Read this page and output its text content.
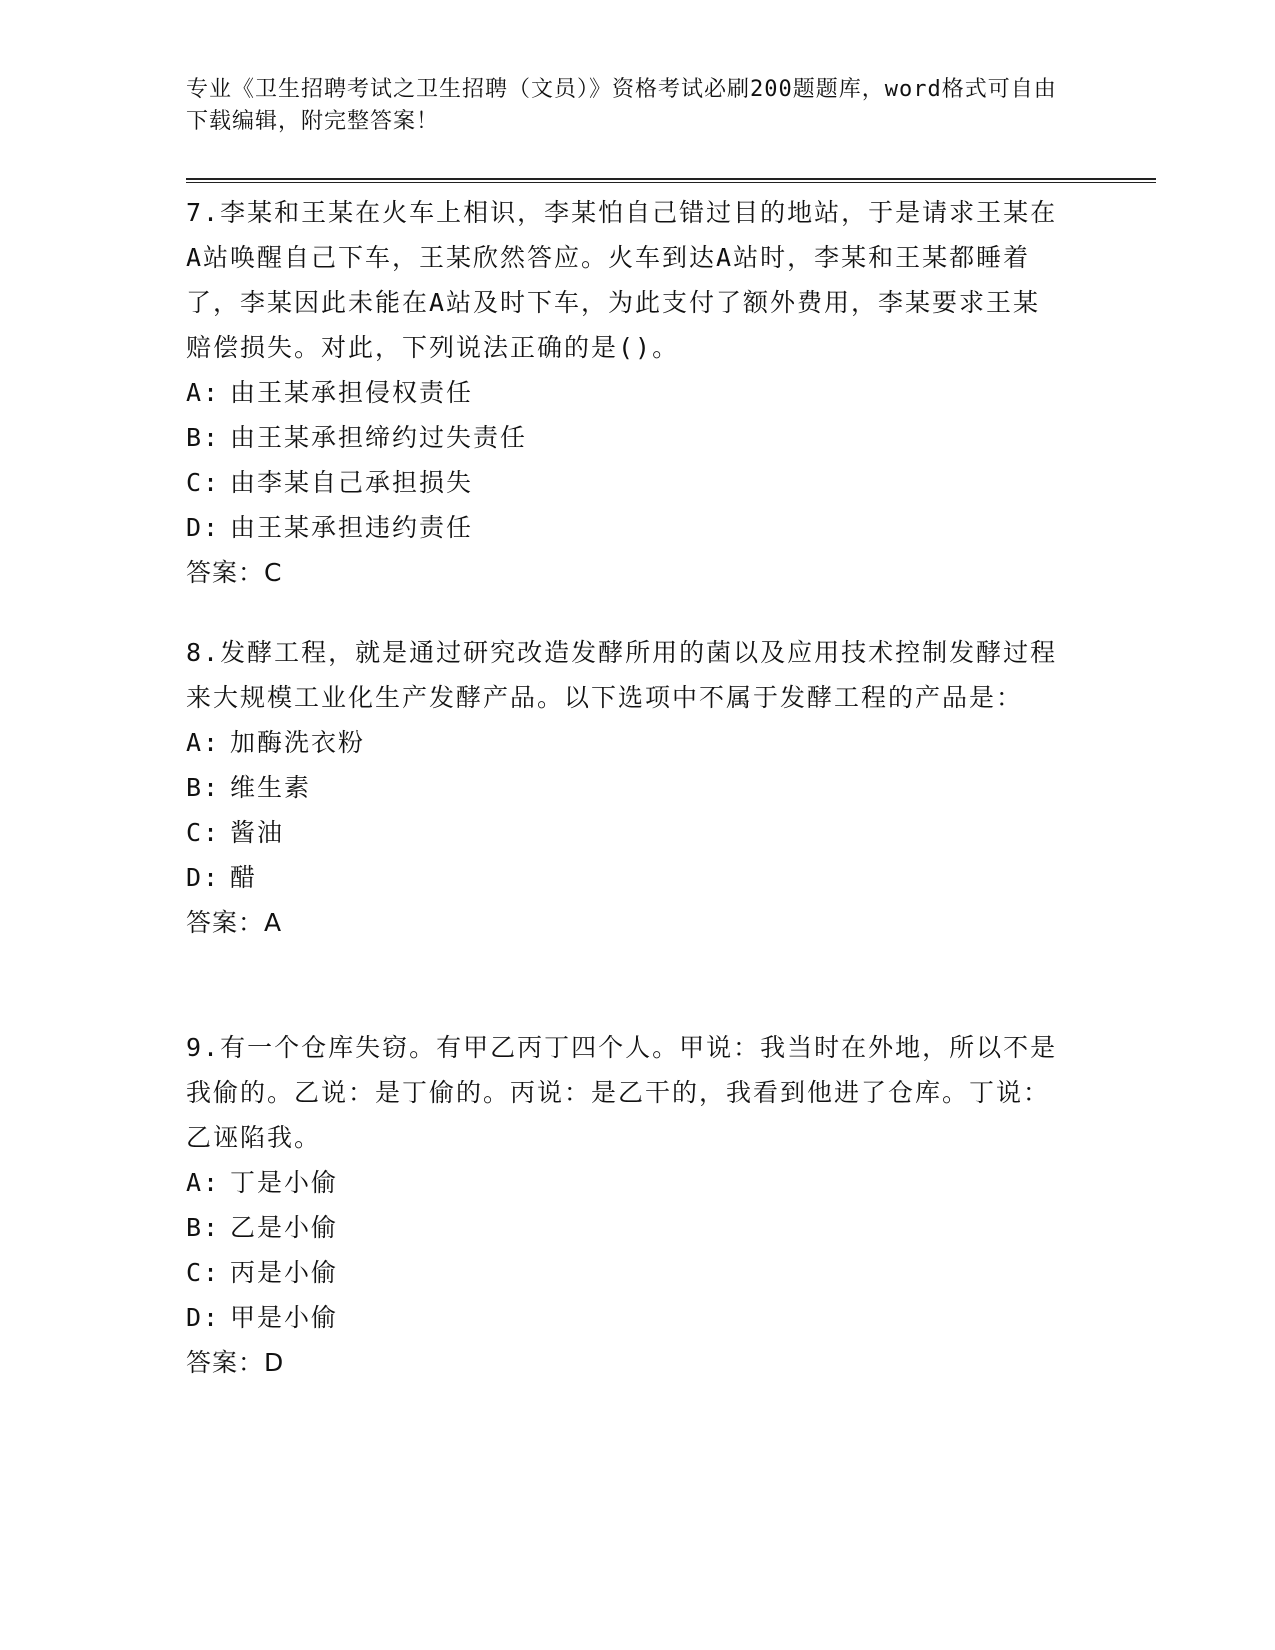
专业《卫生招聘考试之卫生招聘（文员）》资格考试必刷200题题库，word格式可自由下载编辑，附完整答案！

7.李某和王某在火车上相识，李某怕自己错过目的地站，于是请求王某在A站唤醒自己下车，王某欣然答应。火车到达A站时，李某和王某都睡着了，李某因此未能在A站及时下车，为此支付了额外费用，李某要求王某赔偿损失。对此，下列说法正确的是()。

A: 由王某承担侵权责任
B: 由王某承担缔约过失责任
C: 由李某自己承担损失
D: 由王某承担违约责任

答案：C

8.发酵工程，就是通过研究改造发酵所用的菌以及应用技术控制发酵过程来大规模工业化生产发酵产品。以下选项中不属于发酵工程的产品是：

A: 加酶洗衣粉
B: 维生素
C: 酱油
D: 醋

答案：A

9.有一个仓库失窃。有甲乙丙丁四个人。甲说：我当时在外地，所以不是我偷的。乙说：是丁偷的。丙说：是乙干的，我看到他进了仓库。丁说：乙诬陷我。

A: 丁是小偷
B: 乙是小偷
C: 丙是小偷
D: 甲是小偷

答案：D
